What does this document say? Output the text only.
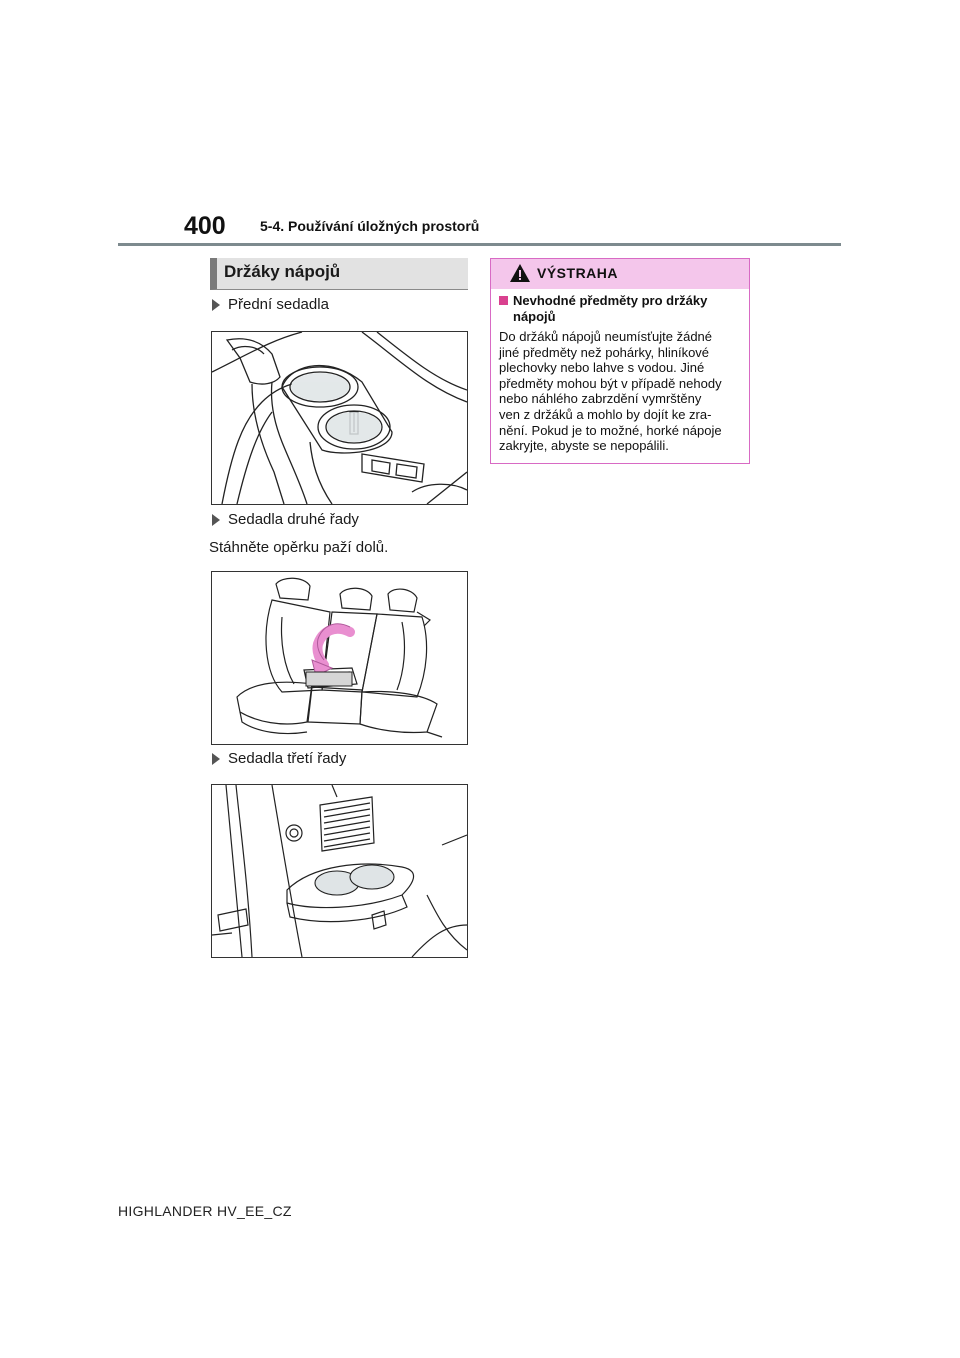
400 5-4. Používání úložných prostorů
Držáky nápojů
Přední sedadla
Sedadla druhé řady
Stáhněte opěrku paží dolů.
Sedadla třetí řady
VÝSTRAHA
Nevhodné předměty pro držáky
nápojů
Do držáků nápojů neumísťujte žádné
jiné předměty než pohárky, hliníkové
plechovky nebo lahve s vodou. Jiné
předměty mohou být v případě nehody
nebo náhlého zabrzdění vymrštěny
ven z držáků a mohlo by dojít ke zra-
nění. Pokud je to možné, horké nápoje
zakryjte, abyste se nepopálili.
HIGHLANDER HV_EE_CZ
